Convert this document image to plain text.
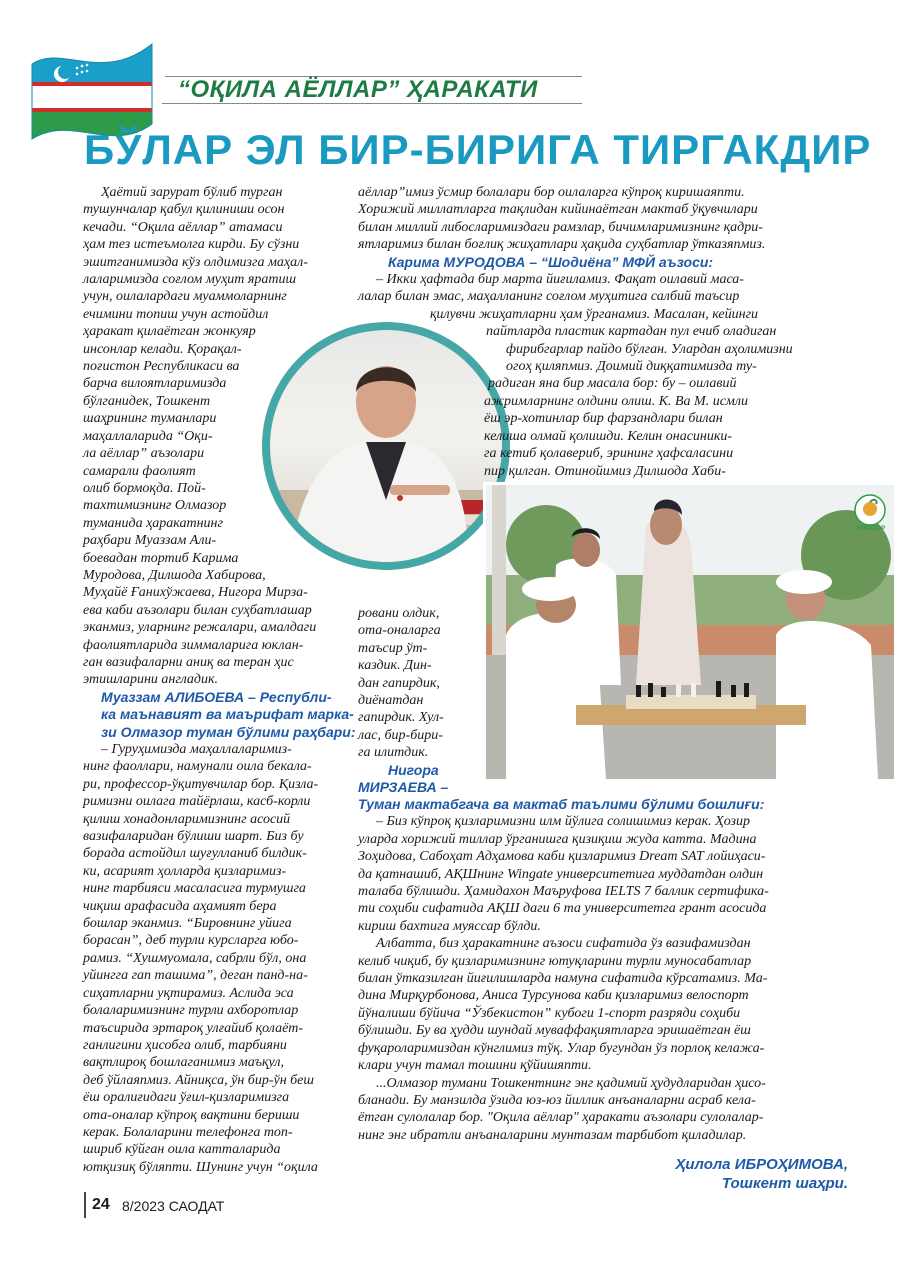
“ОҚИЛА АЁЛЛАР” ҲАРАКАТИ
БЎЛАР ЭЛ БИР-БИРИГА ТИРГАКДИР
Ҳаётий зарурат бўлиб турган
тушунчалар қабул қилиниши осон
кечади. “Оқила аёллар” атамаси
ҳам тез истеъмолга кирди. Бу сўзни
эшитганимизда кўз олдимизга маҳал-
лаларимизда соғлом муҳит яратиш
учун, оилалардаги муаммоларнинг
ечимини топиш учун астойдил
ҳаракат қилаётган жонкуяр
инсонлар келади. Қорақал-
поғистон Республикаси ва
барча вилоятларимизда
бўлганидек, Тошкент
шаҳрининг туманлари
маҳаллаларида “Оқи-
ла аёллар” аъзолари
самарали фаолият
олиб бормоқда. Пой-
тахтимизнинг Олмазор
туманида ҳаракатнинг
раҳбари Муаззам Али-
боевадан тортиб Карима
Муродова, Дилшода Хабирова,
Муҳайё Ғаниxўжаева, Нигора Мирза-
ева каби аъзолари билан суҳбатлашар
эканмиз, уларнинг режалари, амалдаги
фаолиятларида зиммаларига юклан-
ган вазифаларни аниқ ва теран ҳис
этишларини англадик.
Муаззам АЛИБОЕВА – Республи-
ка маънавият ва маърифат марка-
зи Олмазор туман бўлими раҳбари:
– Гуруҳимизда маҳаллаларимиз-
нинг фаоллари, намунали оила бекала-
ри, профессор-ўқитувчилар бор. Қизла-
римизни оилага тайёрлаш, касб-корли
қилиш хонадонларимизнинг асосий
вазифаларидан бўлиши шарт. Биз бу
борада астойдил шуғулланиб билдик-
ки, асарият ҳолларда қизларимиз-
нинг тарбияси масаласига турмушга
чиқиш арафасида аҳамият бера
бошлар эканмиз. “Бировнинг уйига
борасан”, деб турли курсларга юбо-
рамиз. “Хушмуомала, сабрли бўл, она
уйингга гап ташима”, деган панд-на-
сиҳатларни уқтирамиз. Аслида эса
болаларимизнинг турли ахборотлар
таъсирида эртароқ улғайиб қолаёт-
ганлигини ҳисобга олиб, тарбияни
вақтлироқ бошлаганимиз маъқул,
деб ўйлаяпмиз. Айниқса, ўн бир-ўн беш
ёш оралиғидаги ўғил-қизларимизга
ота-оналар кўпроқ вақтини бериши
керак. Болаларини телефонга топ-
шириб кўйган оила катталарида
ютқизиқ бўляпти. Шунинг учун “оқила
аёллар”имиз ўсмир болалари бор оилаларга кўпроқ киришаяпти.
Хорижий миллатларга тақлидан кийинаётган мактаб ўқувчилари
билан миллий либосларимиздаги рамзлар, бичимларимизнинг қадри-
ятларимиз билан боғлиқ жиҳатлари ҳақида суҳбатлар ўтказяпмиз.
Карима МУРОДОВА – “Шодиёна” МФЙ аъзоси:
– Икки ҳафтада бир марта йиғиламиз. Фақат оилавий маса-
лалар билан эмас, маҳалланинг соғлом муҳитига салбий таъсир
қилувчи жиҳатларни ҳам ўрганамиз. Масалан, кейинги
пайтларда пластик картадан пул ечиб оладиган
фирибгарлар пайдо бўлган. Улардан аҳолимизни
огоҳ қиляпмиз. Доимий диққатимизда ту-
радиган яна бир масала бор: бу – оилавий
ажримларнинг олдини олиш. К. Ва М. исмли
ёш эр-хотинлар бир фарзандлари билан
келиша олмай қолишди. Келин онасиники-
га кетиб қолавериб, эрининг ҳафсаласини
пир қилган. Отинойимиз Дилшода Хаби-
ОЛМАЗОР
ровани олдик,
ота-оналарга
таъсир ўт-
каздик. Дин-
дан гапирдик,
диёнатдан
гапирдик. Хул-
лас, бир-бири-
га илитдик.
Нигора
МИРЗАЕВА –
Туман мактабгача ва мактаб таълими бўлими бошлиғи:
– Биз кўпроқ қизларимизни илм йўлига солишимиз керак. Ҳозир
уларда хорижий тиллар ўрганишга қизиқиш жуда катта. Мадина
Зоҳидова, Сабоҳат Адҳамова каби қизларимиз Dream SAT лойиҳаси-
да қатнашиб, АҚШнинг Wingate университетига муддатдан олдин
талаба бўлишди. Ҳамидахон Маъруфова IELTS 7 баллик сертифика-
ти соҳиби сифатида АҚШ даги 6 та университетга грант асосида
кириш бахтига муяссар бўлди.
Албатта, биз ҳаракатнинг аъзоси сифатида ўз вазифамиздан
келиб чиқиб, бу қизларимизнинг ютуқларини турли муносабатлар
билан ўтказилган йиғилишларда намуна сифатида кўрсатамиз. Ма-
дина Мирқурбонова, Аниса Турсунова каби қизларимиз велоспорт
йўналиши бўйича “Ўзбекистон” кубоги 1-спорт разряди соҳиби
бўлишди. Бу ва ҳудди шундай муваффақиятларга эришаётган ёш
фуқароларимиздан кўнглимиз тўқ. Улар бугундан ўз порлоқ келажа-
клари учун тамал тошини қўйишяпти.
...Олмазор тумани Тошкентнинг энг қадимий ҳудудларидан ҳисо-
бланади. Бу манзилда ўзида юз-юз йиллик анъаналарни асраб кела-
ётган сулолалар бор. "Оқила аёллар" ҳаракати аъзолари сулолалар-
нинг энг ибратли анъаналарини мунтазам тарбибот қиладилар.
Ҳилола ИБРОҲИМОВА,
Тошкент шаҳри.
24 8/2023 САОДАТ
